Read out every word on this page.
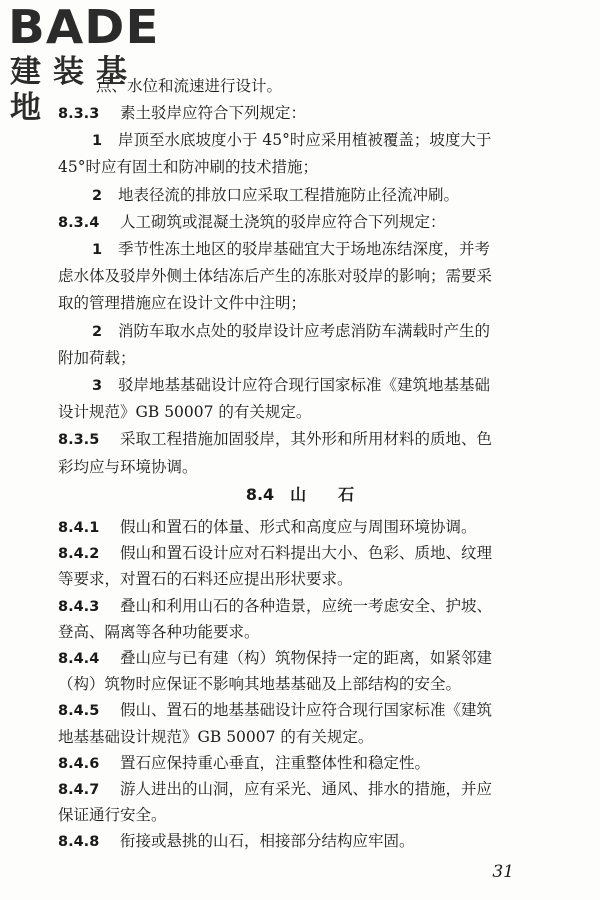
BADE
建装基地
点、水位和流速进行设计。
8.3.3 素土驳岸应符合下列规定：
1 岸顶至水底坡度小于 45°时应采用植被覆盖；坡度大于
45°时应有固土和防冲刷的技术措施；
2 地表径流的排放口应采取工程措施防止径流冲刷。
8.3.4 人工砌筑或混凝土浇筑的驳岸应符合下列规定：
1 季节性冻土地区的驳岸基础宜大于场地冻结深度，并考
虑水体及驳岸外侧土体结冻后产生的冻胀对驳岸的影响；需要采
取的管理措施应在设计文件中注明；
2 消防车取水点处的驳岸设计应考虑消防车满载时产生的
附加荷载；
3 驳岸地基基础设计应符合现行国家标准《建筑地基基础
设计规范》GB 50007 的有关规定。
8.3.5 采取工程措施加固驳岸，其外形和所用材料的质地、色
彩均应与环境协调。
8.4　山　　石
8.4.1 假山和置石的体量、形式和高度应与周围环境协调。
8.4.2 假山和置石设计应对石料提出大小、色彩、质地、纹理
等要求，对置石的石料还应提出形状要求。
8.4.3 叠山和利用山石的各种造景，应统一考虑安全、护坡、
登高、隔离等各种功能要求。
8.4.4 叠山应与已有建（构）筑物保持一定的距离，如紧邻建
（构）筑物时应保证不影响其地基基础及上部结构的安全。
8.4.5 假山、置石的地基基础设计应符合现行国家标准《建筑
地基基础设计规范》GB 50007 的有关规定。
8.4.6 置石应保持重心垂直，注重整体性和稳定性。
8.4.7 游人进出的山洞，应有采光、通风、排水的措施，并应
保证通行安全。
8.4.8 衔接或悬挑的山石，相接部分结构应牢固。
31
